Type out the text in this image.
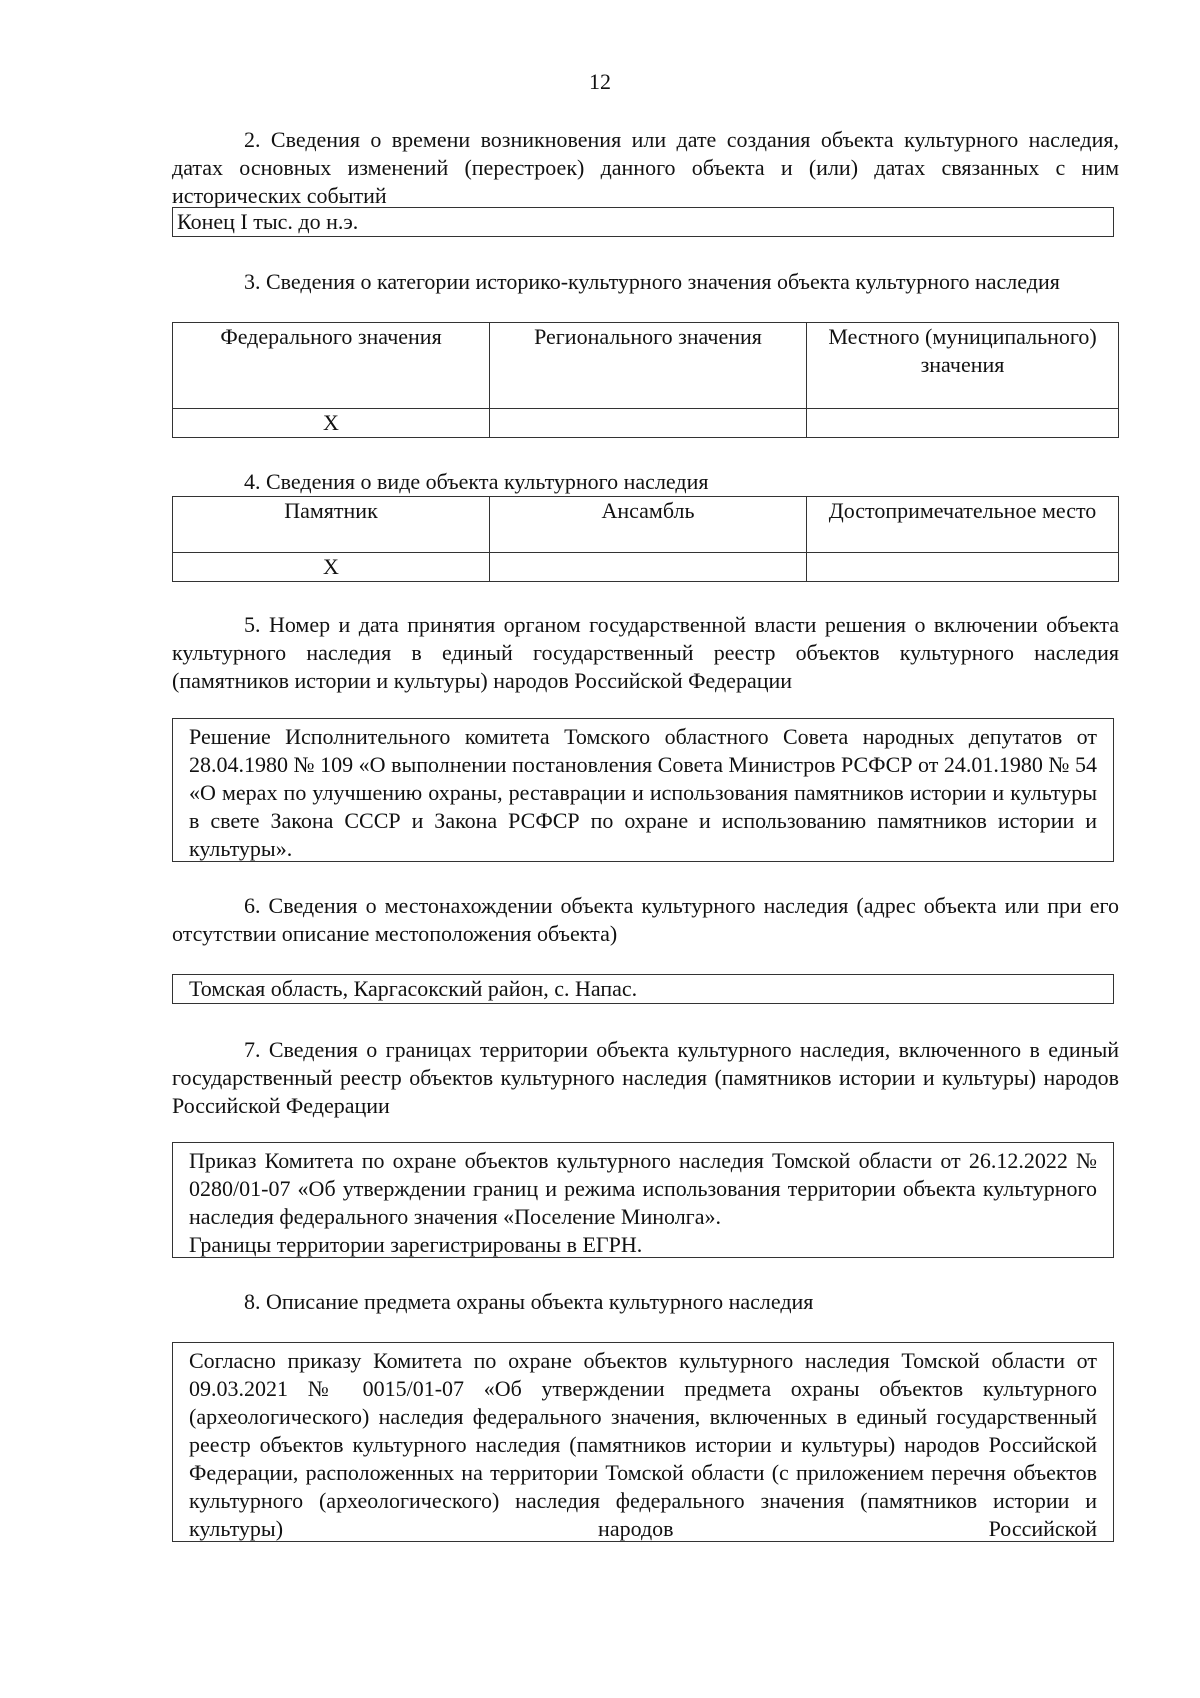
12
2. Сведения о времени возникновения или дате создания объекта культурного наследия, датах основных изменений (перестроек) данного объекта и (или) датах связанных с ним исторических событий
Конец I тыс. до н.э.
3. Сведения о категории историко-культурного значения объекта культурного наследия
Федерального значения	Регионального значения	Местного (муниципального) значения
Х		
4. Сведения о виде объекта культурного наследия
Памятник	Ансамбль	Достопримечательное место
Х		
5. Номер и дата принятия органом государственной власти решения о включении объекта культурного наследия в единый государственный реестр объектов культурного наследия (памятников истории и культуры) народов Российской Федерации
Решение Исполнительного комитета Томского областного Совета народных депутатов от 28.04.1980 № 109 «О выполнении постановления Совета Министров РСФСР от 24.01.1980 № 54 «О мерах по улучшению охраны, реставрации и использования памятников истории и культуры в свете Закона СССР и Закона РСФСР по охране и использованию памятников истории и культуры».
6. Сведения о местонахождении объекта культурного наследия (адрес объекта или при его отсутствии описание местоположения объекта)
Томская область, Каргасокский район, с. Напас.
7. Сведения о границах территории объекта культурного наследия, включенного в единый государственный реестр объектов культурного наследия (памятников истории и культуры) народов Российской Федерации
Приказ Комитета по охране объектов культурного наследия Томской области от 26.12.2022 № 0280/01-07 «Об утверждении границ и режима использования территории объекта культурного наследия федерального значения «Поселение Минолга».
Границы территории зарегистрированы в ЕГРН.
8. Описание предмета охраны объекта культурного наследия
Согласно приказу Комитета по охране объектов культурного наследия Томской области от 09.03.2021 № 0015/01-07 «Об утверждении предмета охраны объектов культурного (археологического) наследия федерального значения, включенных в единый государственный реестр объектов культурного наследия (памятников истории и культуры) народов Российской Федерации, расположенных на территории Томской области (с приложением перечня объектов культурного (археологического) наследия федерального значения (памятников истории и культуры) народов Российской
